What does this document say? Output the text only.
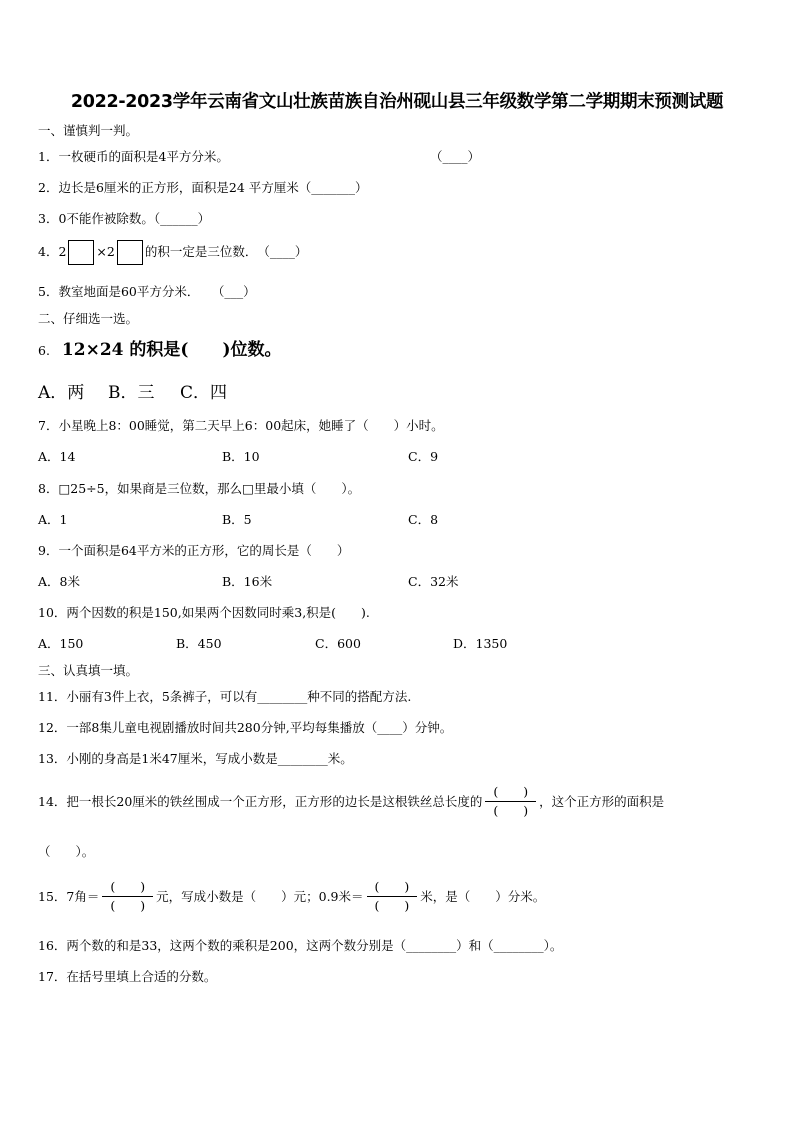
2022-2023学年云南省文山壮族苗族自治州砚山县三年级数学第二学期期末预测试题
一、谨慎判一判。
1．一枚硬币的面积是4平方分米。	（____）
2．边长是6厘米的正方形，面积是24 平方厘米（_______）
3．0不能作被除数。（______）
4．2 ×2 的积一定是三位数．　（____）
5．教室地面是60平方分米．　　（___）
二、仔细选一选。
6. 12×24 的积是(　　)位数。
A．两 B．三 C．四
7．小星晚上8：00睡觉，第二天早上6：00起床，她睡了（　　）小时。
A．14	B．10	C．9
8．□25÷5，如果商是三位数，那么□里最小填（　　）。
A．1	B．5	C．8
9．一个面积是64平方米的正方形，它的周长是（　　）
A．8米	B．16米	C．32米
10．两个因数的积是150,如果两个因数同时乘3,积是(　　).
A．150	B．450	C．600	D．1350
三、认真填一填。
11．小丽有3件上衣，5条裤子，可以有________种不同的搭配方法.
12．一部8集儿童电视剧播放时间共280分钟,平均每集播放（____）分钟。
13．小刚的身高是1米47厘米，写成小数是________米。
14．把一根长20厘米的铁丝围成一个正方形，正方形的边长是这根铁丝总长度的 $\frac{( )}{( )}$ ，这个正方形的面积是
（　　）。
15．7角＝ $\frac{( )}{( )}$ 元，写成小数是（　　）元；0.9米＝ $\frac{( )}{( )}$ 米，是（　　）分米。
16．两个数的和是33，这两个数的乘积是200，这两个数分别是（________）和（________）。
17．在括号里填上合适的分数。
